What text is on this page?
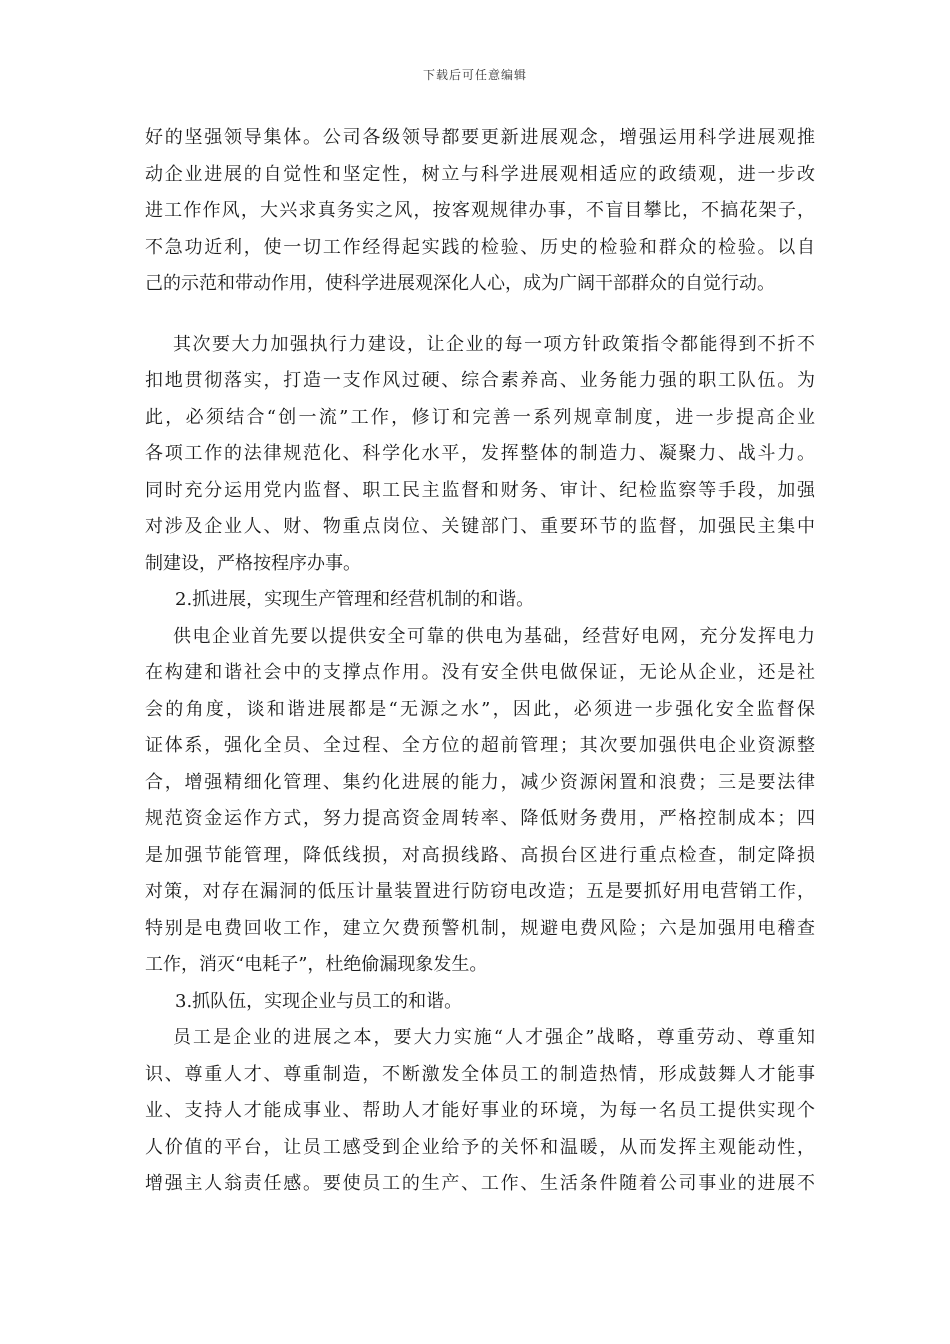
下载后可任意编辑
好的坚强领导集体。公司各级领导都要更新进展观念，增强运用科学进展观推
动企业进展的自觉性和坚定性，树立与科学进展观相适应的政绩观，进一步改
进工作作风，大兴求真务实之风，按客观规律办事，不盲目攀比，不搞花架子，
不急功近利，使一切工作经得起实践的检验、历史的检验和群众的检验。以自
己的示范和带动作用，使科学进展观深化人心，成为广阔干部群众的自觉行动。
其次要大力加强执行力建设，让企业的每一项方针政策指令都能得到不折不
扣地贯彻落实，打造一支作风过硬、综合素养高、业务能力强的职工队伍。为
此，必须结合“创一流”工作，修订和完善一系列规章制度，进一步提高企业
各项工作的法律规范化、科学化水平，发挥整体的制造力、凝聚力、战斗力。
同时充分运用党内监督、职工民主监督和财务、审计、纪检监察等手段，加强
对涉及企业人、财、物重点岗位、关键部门、重要环节的监督，加强民主集中
制建设，严格按程序办事。
2.抓进展，实现生产管理和经营机制的和谐。
供电企业首先要以提供安全可靠的供电为基础，经营好电网，充分发挥电力
在构建和谐社会中的支撑点作用。没有安全供电做保证，无论从企业，还是社
会的角度，谈和谐进展都是“无源之水”，因此，必须进一步强化安全监督保
证体系，强化全员、全过程、全方位的超前管理；其次要加强供电企业资源整
合，增强精细化管理、集约化进展的能力，减少资源闲置和浪费；三是要法律
规范资金运作方式，努力提高资金周转率、降低财务费用，严格控制成本；四
是加强节能管理，降低线损，对高损线路、高损台区进行重点检查，制定降损
对策，对存在漏洞的低压计量装置进行防窃电改造；五是要抓好用电营销工作，
特别是电费回收工作，建立欠费预警机制，规避电费风险；六是加强用电稽查
工作，消灭“电耗子”，杜绝偷漏现象发生。
3.抓队伍，实现企业与员工的和谐。
员工是企业的进展之本，要大力实施“人才强企”战略，尊重劳动、尊重知
识、尊重人才、尊重制造，不断激发全体员工的制造热情，形成鼓舞人才能事
业、支持人才能成事业、帮助人才能好事业的环境，为每一名员工提供实现个
人价值的平台，让员工感受到企业给予的关怀和温暖，从而发挥主观能动性，
增强主人翁责任感。要使员工的生产、工作、生活条件随着公司事业的进展不
